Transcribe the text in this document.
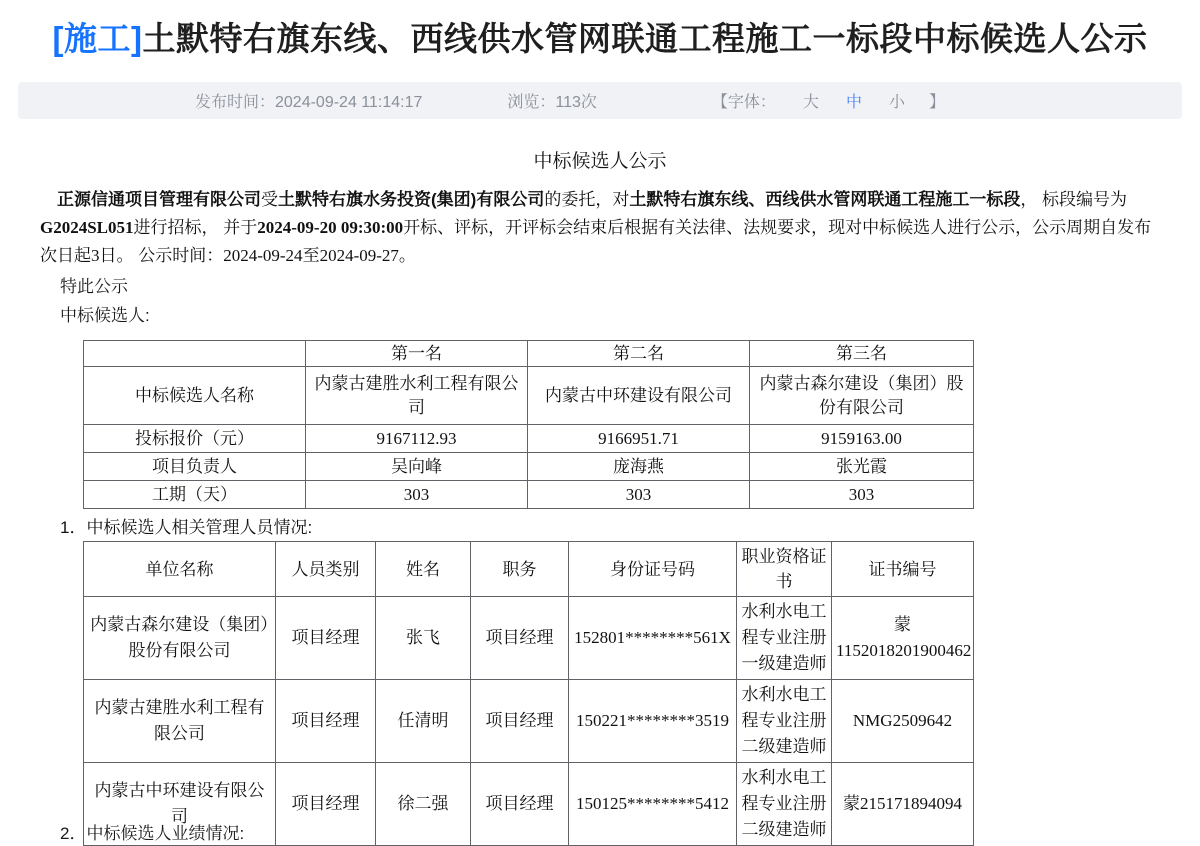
[施工]土默特右旗东线、西线供水管网联通工程施工一标段中标候选人公示
发布时间：2024-09-24 11:14:17	浏览：113次	【字体： 大 中 小 】
中标候选人公示

正源信通项目管理有限公司受土默特右旗水务投资(集团)有限公司的委托，对土默特右旗东线、西线供水管网联通工程施工一标段， 标段编号为G2024SL051进行招标， 并于2024-09-20 09:30:00开标、评标，开评标会结束后根据有关法律、法规要求，现对中标候选人进行公示，公示周期自发布次日起3日。 公示时间：2024-09-24至2024-09-27。

特此公示

中标候选人:

	第一名	第二名	第三名
中标候选人名称	内蒙古建胜水利工程有限公司	内蒙古中环建设有限公司	内蒙古森尔建设（集团）股份有限公司
投标报价（元）	9167112.93	9166951.71	9159163.00
项目负责人	吴向峰	庞海燕	张光霞
工期（天）	303	303	303

1．中标候选人相关管理人员情况:

单位名称	人员类别	姓名	职务	身份证号码	职业资格证书	证书编号
内蒙古森尔建设（集团）股份有限公司	项目经理	张飞	项目经理	152801********561X	水利水电工程专业注册一级建造师	蒙1152018201900462
内蒙古建胜水利工程有限公司	项目经理	任清明	项目经理	150221********3519	水利水电工程专业注册二级建造师	NMG2509642
内蒙古中环建设有限公司	项目经理	徐二强	项目经理	150125********5412	水利水电工程专业注册二级建造师	蒙215171894094
2．中标候选人业绩情况:
